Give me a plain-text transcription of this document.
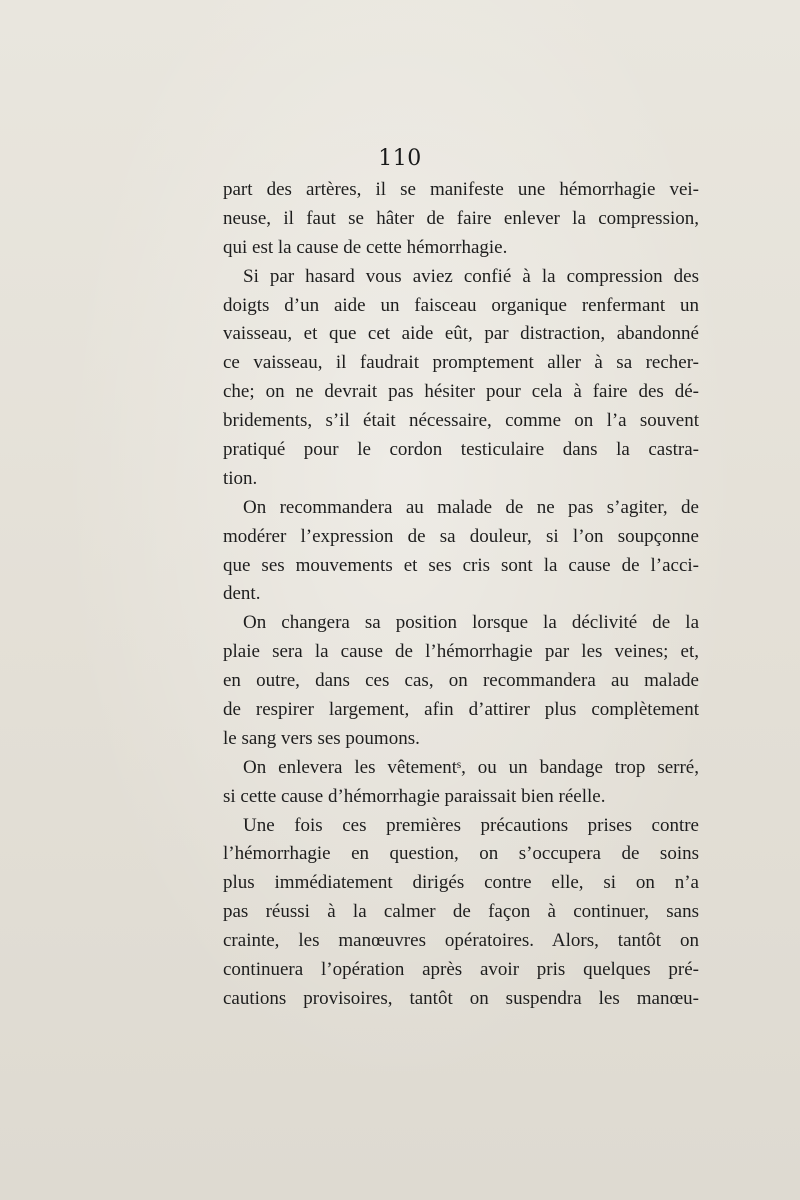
110
part des artères, il se manifeste une hémorrhagie vei-
neuse, il faut se hâter de faire enlever la compression,
qui est la cause de cette hémorrhagie.
Si par hasard vous aviez confié à la compression des
doigts d’un aide un faisceau organique renfermant un
vaisseau, et que cet aide eût, par distraction, abandonné
ce vaisseau, il faudrait promptement aller à sa recher-
che; on ne devrait pas hésiter pour cela à faire des dé-
bridements, s’il était nécessaire, comme on l’a souvent
pratiqué pour le cordon testiculaire dans la castra-
tion.
On recommandera au malade de ne pas s’agiter, de
modérer l’expression de sa douleur, si l’on soupçonne
que ses mouvements et ses cris sont la cause de l’acci-
dent.
On changera sa position lorsque la déclivité de la
plaie sera la cause de l’hémorrhagie par les veines; et,
en outre, dans ces cas, on recommandera au malade
de respirer largement, afin d’attirer plus complètement
le sang vers ses poumons.
On enlevera les vêtementˢ, ou un bandage trop serré,
si cette cause d’hémorrhagie paraissait bien réelle.
Une fois ces premières précautions prises contre
l’hémorrhagie en question, on s’occupera de soins
plus immédiatement dirigés contre elle, si on n’a
pas réussi à la calmer de façon à continuer, sans
crainte, les manœuvres opératoires. Alors, tantôt on
continuera l’opération après avoir pris quelques pré-
cautions provisoires, tantôt on suspendra les manœu-
